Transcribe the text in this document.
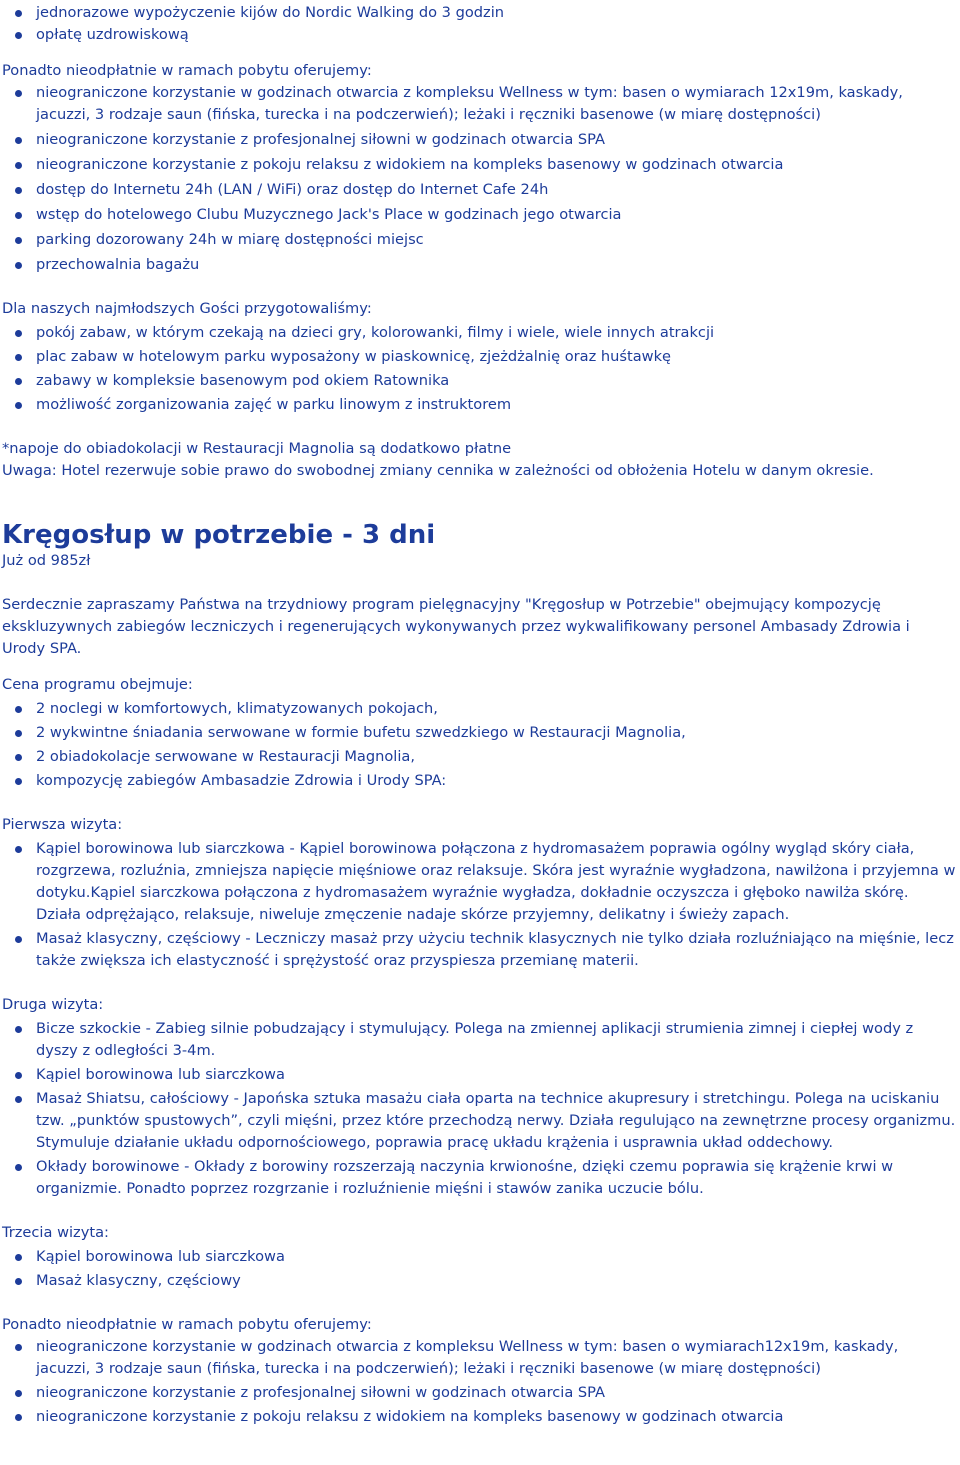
jednorazowe wypożyczenie kijów do Nordic Walking do 3 godzin
opłatę uzdrowiskową

Ponadto nieodpłatnie w ramach pobytu oferujemy:

nieograniczone korzystanie w godzinach otwarcia z kompleksu Wellness w tym: basen o wymiarach 12x19m, kaskady, jacuzzi, 3 rodzaje saun (fińska, turecka i na podczerwień); leżaki i ręczniki basenowe (w miarę dostępności)
nieograniczone korzystanie z profesjonalnej siłowni w godzinach otwarcia SPA
nieograniczone korzystanie z pokoju relaksu z widokiem na kompleks basenowy w godzinach otwarcia
dostęp do Internetu 24h (LAN / WiFi) oraz dostęp do Internet Cafe 24h
wstęp do hotelowego Clubu Muzycznego Jack's Place w godzinach jego otwarcia
parking dozorowany 24h w miarę dostępności miejsc
przechowalnia bagażu

Dla naszych najmłodszych Gości przygotowaliśmy:

pokój zabaw, w którym czekają na dzieci gry, kolorowanki, filmy i wiele, wiele innych atrakcji
plac zabaw w hotelowym parku wyposażony w piaskownicę, zjeżdżalnię oraz huśtawkę
zabawy w kompleksie basenowym pod okiem Ratownika
możliwość zorganizowania zajęć w parku linowym z instruktorem

*napoje do obiadokolacji w Restauracji Magnolia są dodatkowo płatne

Uwaga: Hotel rezerwuje sobie prawo do swobodnej zmiany cennika w zależności od obłożenia Hotelu w danym okresie.

Kręgosłup w potrzebie - 3 dni

Już od 985zł

Serdecznie zapraszamy Państwa na trzydniowy program pielęgnacyjny "Kręgosłup w Potrzebie" obejmujący kompozycję ekskluzywnych zabiegów leczniczych i regenerujących wykonywanych przez wykwalifikowany personel Ambasady Zdrowia i Urody SPA.

Cena programu obejmuje:

2 noclegi w komfortowych, klimatyzowanych pokojach,
2 wykwintne śniadania serwowane w formie bufetu szwedzkiego w Restauracji Magnolia,
2 obiadokolacje serwowane w Restauracji Magnolia,
kompozycję zabiegów Ambasadzie Zdrowia i Urody SPA:

Pierwsza wizyta:

Kąpiel borowinowa lub siarczkowa - Kąpiel borowinowa połączona z hydromasażem poprawia ogólny wygląd skóry ciała, rozgrzewa, rozluźnia, zmniejsza napięcie mięśniowe oraz relaksuje. Skóra jest wyraźnie wygładzona, nawilżona i przyjemna w dotyku.Kąpiel siarczkowa połączona z hydromasażem wyraźnie wygładza, dokładnie oczyszcza i głęboko nawilża skórę. Działa odprężająco, relaksuje, niweluje zmęczenie nadaje skórze przyjemny, delikatny i świeży zapach.
Masaż klasyczny, częściowy - Leczniczy masaż przy użyciu technik klasycznych nie tylko działa rozluźniająco na mięśnie, lecz także zwiększa ich elastyczność i sprężystość oraz przyspiesza przemianę materii.

Druga wizyta:

Bicze szkockie - Zabieg silnie pobudzający i stymulujący. Polega na zmiennej aplikacji strumienia zimnej i ciepłej wody z dyszy z odległości 3-4m.
Kąpiel borowinowa lub siarczkowa
Masaż Shiatsu, całościowy - Japońska sztuka masażu ciała oparta na technice akupresury i stretchingu. Polega na uciskaniu tzw. „punktów spustowych”, czyli mięśni, przez które przechodzą nerwy. Działa regulująco na zewnętrzne procesy organizmu. Stymuluje działanie układu odpornościowego, poprawia pracę układu krążenia i usprawnia układ oddechowy.
Okłady borowinowe - Okłady z borowiny rozszerzają naczynia krwionośne, dzięki czemu poprawia się krążenie krwi w organizmie. Ponadto poprzez rozgrzanie i rozluźnienie mięśni i stawów zanika uczucie bólu.

Trzecia wizyta:

Kąpiel borowinowa lub siarczkowa
Masaż klasyczny, częściowy

Ponadto nieodpłatnie w ramach pobytu oferujemy:

nieograniczone korzystanie w godzinach otwarcia z kompleksu Wellness w tym: basen o wymiarach12x19m, kaskady, jacuzzi, 3 rodzaje saun (fińska, turecka i na podczerwień); leżaki i ręczniki basenowe (w miarę dostępności)
nieograniczone korzystanie z profesjonalnej siłowni w godzinach otwarcia SPA
nieograniczone korzystanie z pokoju relaksu z widokiem na kompleks basenowy w godzinach otwarcia
